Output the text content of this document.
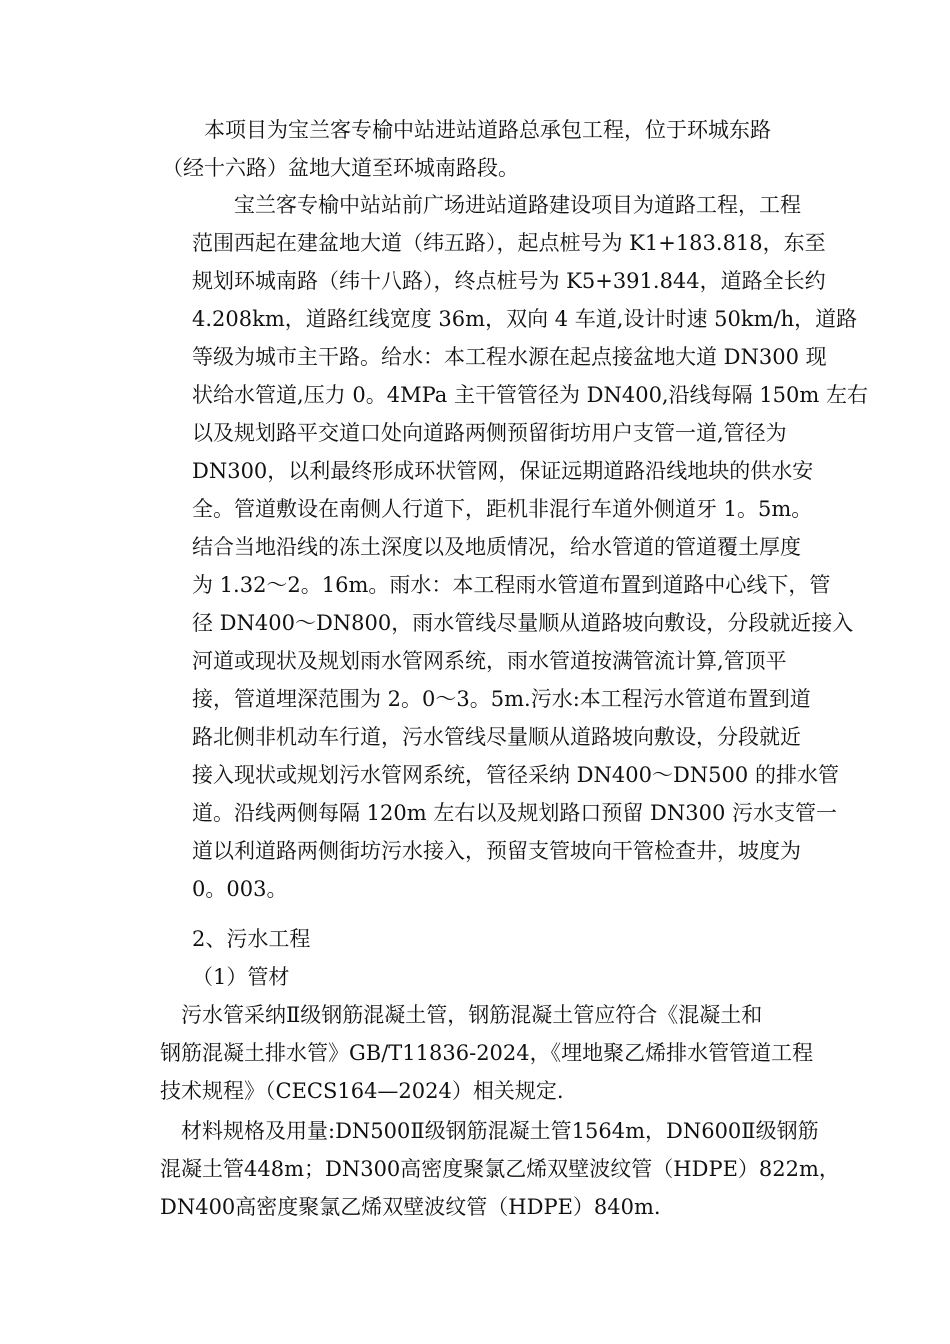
　　本项目为宝兰客专榆中站进站道路总承包工程，位于环城东路
（经十六路）盆地大道至环城南路段。
　　宝兰客专榆中站站前广场进站道路建设项目为道路工程，工程
范围西起在建盆地大道（纬五路），起点桩号为 K1+183.818，东至
规划环城南路（纬十八路），终点桩号为 K5+391.844，道路全长约
4.208km，道路红线宽度 36m，双向 4 车道,设计时速 50km/h，道路
等级为城市主干路。给水：本工程水源在起点接盆地大道 DN300 现
状给水管道,压力 0。4MPa 主干管管径为 DN400,沿线每隔 150m 左右
以及规划路平交道口处向道路两侧预留街坊用户支管一道,管径为
DN300，以利最终形成环状管网，保证远期道路沿线地块的供水安
全。管道敷设在南侧人行道下，距机非混行车道外侧道牙 1。5m。
结合当地沿线的冻土深度以及地质情况，给水管道的管道覆土厚度
为 1.32～2。16m。雨水：本工程雨水管道布置到道路中心线下，管
径 DN400～DN800，雨水管线尽量顺从道路坡向敷设，分段就近接入
河道或现状及规划雨水管网系统，雨水管道按满管流计算,管顶平
接，管道埋深范围为 2。0～3。5m.污水:本工程污水管道布置到道
路北侧非机动车行道，污水管线尽量顺从道路坡向敷设，分段就近
接入现状或规划污水管网系统，管径采纳 DN400～DN500 的排水管
道。沿线两侧每隔 120m 左右以及规划路口预留 DN300 污水支管一
道以利道路两侧街坊污水接入，预留支管坡向干管检查井，坡度为
0。003。
2、污水工程
（1）管材
　污水管采纳Ⅱ级钢筋混凝土管，钢筋混凝土管应符合《混凝土和
钢筋混凝土排水管》GB/T11836-2024，《埋地聚乙烯排水管管道工程
技术规程》（CECS164—2024）相关规定.
　材料规格及用量:DN500Ⅱ级钢筋混凝土管1564m，DN600Ⅱ级钢筋
混凝土管448m；DN300高密度聚氯乙烯双壁波纹管（HDPE）822m，
DN400高密度聚氯乙烯双壁波纹管（HDPE）840m.
